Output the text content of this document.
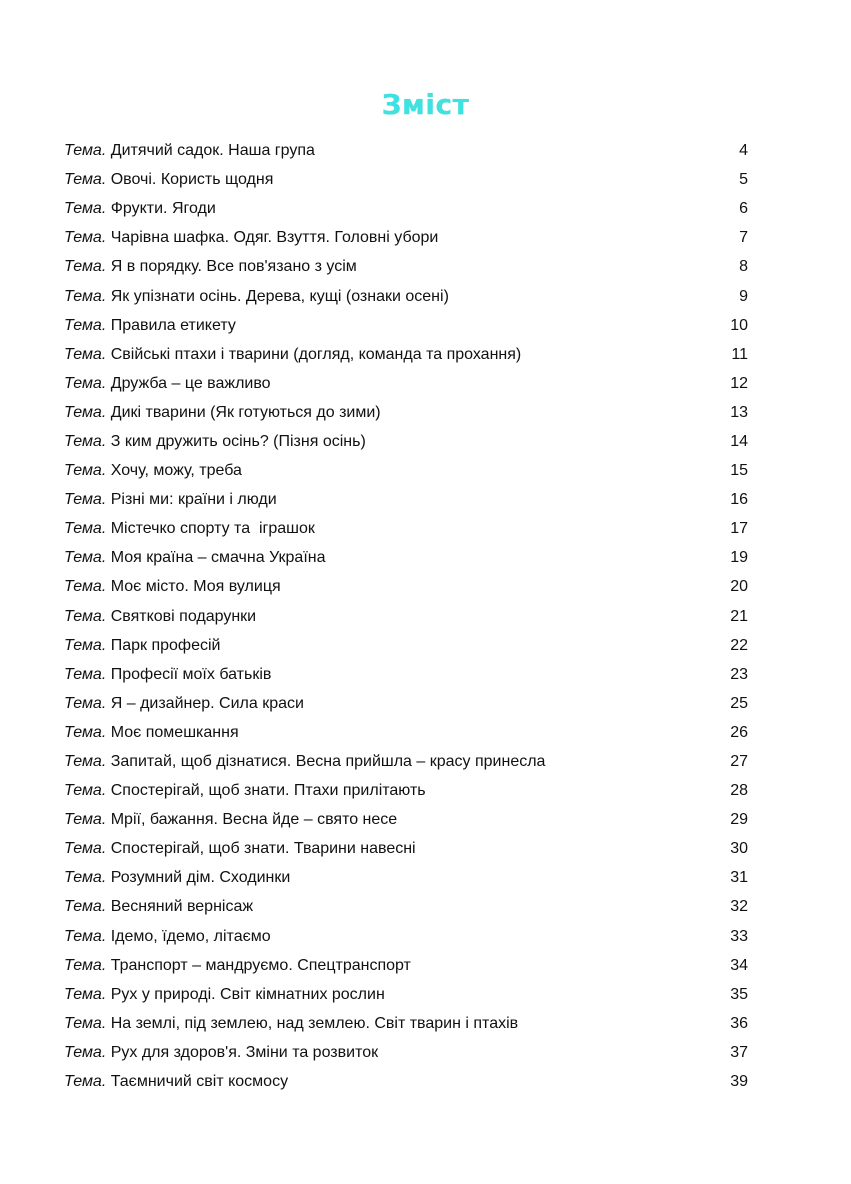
Зміст
Тема. Дитячий садок. Наша група	4
Тема. Овочі. Користь щодня	5
Тема. Фрукти. Ягоди	6
Тема. Чарівна шафка. Одяг. Взуття. Головні убори	7
Тема. Я в порядку. Все пов'язано з усім	8
Тема. Як упізнати осінь. Дерева, кущі (ознаки осені)	9
Тема. Правила етикету	10
Тема. Свійські птахи і тварини (догляд, команда та прохання)	11
Тема. Дружба – це важливо	12
Тема. Дикі тварини (Як готуються до зими)	13
Тема. З ким дружить осінь? (Пізня осінь)	14
Тема. Хочу, можу, треба	15
Тема. Різні ми: країни і люди	16
Тема. Містечко спорту та  іграшок	17
Тема. Моя країна – смачна Україна	19
Тема. Моє місто. Моя вулиця	20
Тема. Святкові подарунки	21
Тема. Парк професій	22
Тема. Професії моїх батьків	23
Тема. Я – дизайнер. Сила краси	25
Тема. Моє помешкання	26
Тема. Запитай, щоб дізнатися. Весна прийшла – красу принесла	27
Тема. Спостерігай, щоб знати. Птахи прилітають	28
Тема. Мрії, бажання. Весна йде – свято несе	29
Тема. Спостерігай, щоб знати. Тварини навесні	30
Тема. Розумний дім. Сходинки	31
Тема. Весняний вернісаж	32
Тема. Ідемо, їдемо, літаємо	33
Тема. Транспорт – мандруємо. Спецтранспорт	34
Тема. Рух у природі. Світ кімнатних рослин	35
Тема. На землі, під землею, над землею. Світ тварин і птахів	36
Тема. Рух для здоров'я. Зміни та розвиток	37
Тема. Таємничий світ космосу	39
